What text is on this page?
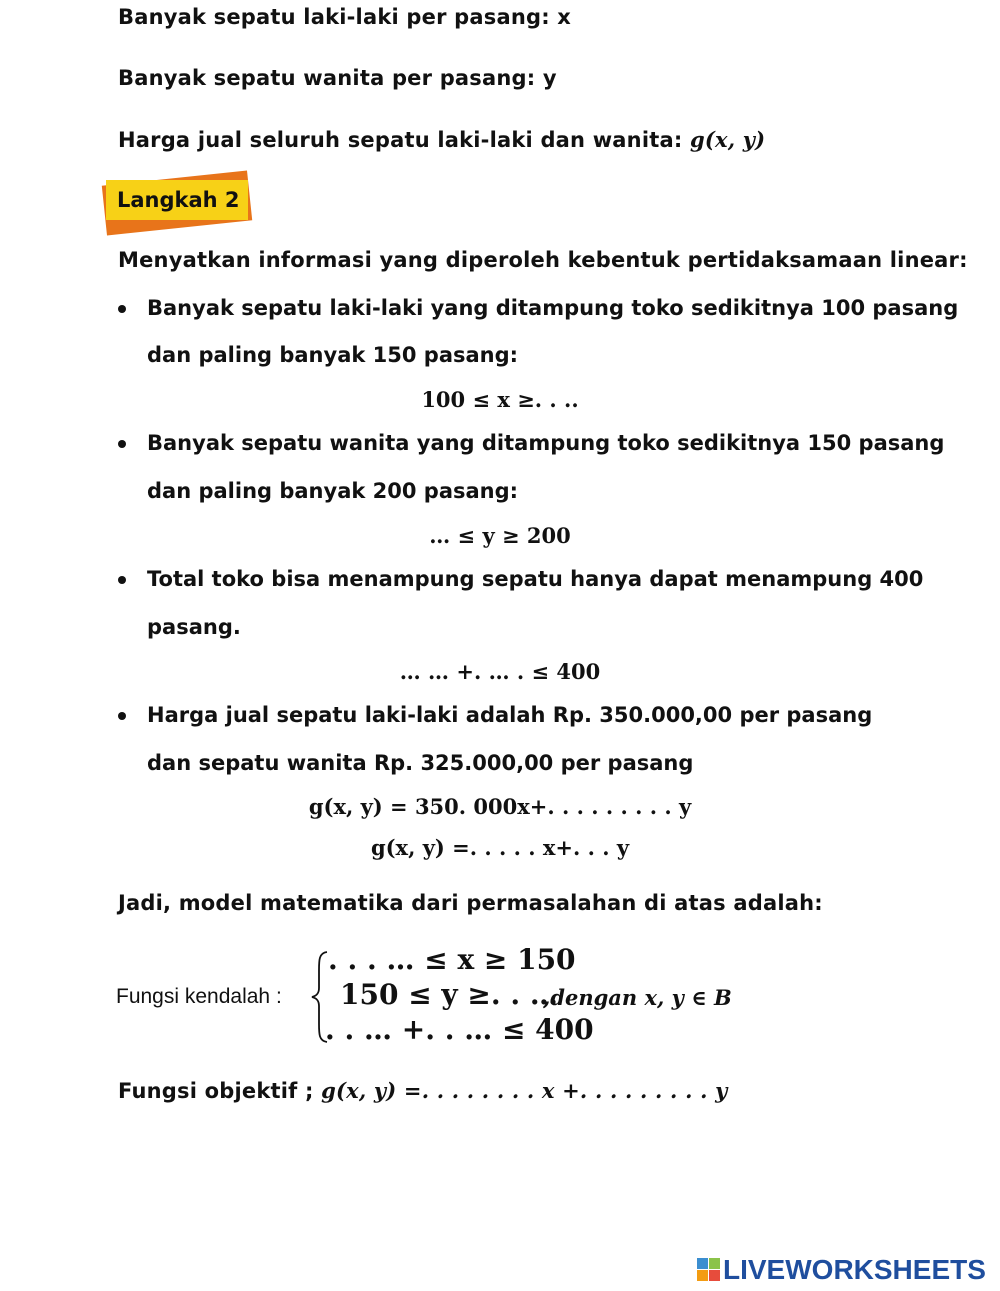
Banyak sepatu laki-laki per pasang: x
Banyak sepatu wanita per pasang: y
Harga jual seluruh sepatu laki-laki dan wanita: g(x, y)
Langkah 2
Menyatkan informasi yang diperoleh kebentuk pertidaksamaan linear:
Banyak sepatu laki-laki yang ditampung toko sedikitnya 100 pasang
dan paling banyak 150 pasang:
100 ≤ x ≥. . ..
Banyak sepatu wanita yang ditampung toko sedikitnya 150 pasang
dan paling banyak 200 pasang:
… ≤ y ≥ 200
Total toko bisa menampung sepatu hanya dapat menampung 400
pasang.
… … +. … . ≤ 400
Harga jual sepatu laki-laki adalah Rp. 350.000,00 per pasang
dan sepatu wanita Rp. 325.000,00 per pasang
g(x, y) = 350. 000x+. . . . . . . . . y
g(x, y) =. . . . . x+. . . y
Jadi, model matematika dari permasalahan di atas adalah:
Fungsi kendalah :
. . . … ≤ x ≥ 150
150 ≤ y ≥. . …
. . … +. . … ≤ 400
,dengan x, y ∈ B
Fungsi objektif ; g(x, y) =. . . . . . . . x +. . . . . . . . . y
LIVEWORKSHEETS
